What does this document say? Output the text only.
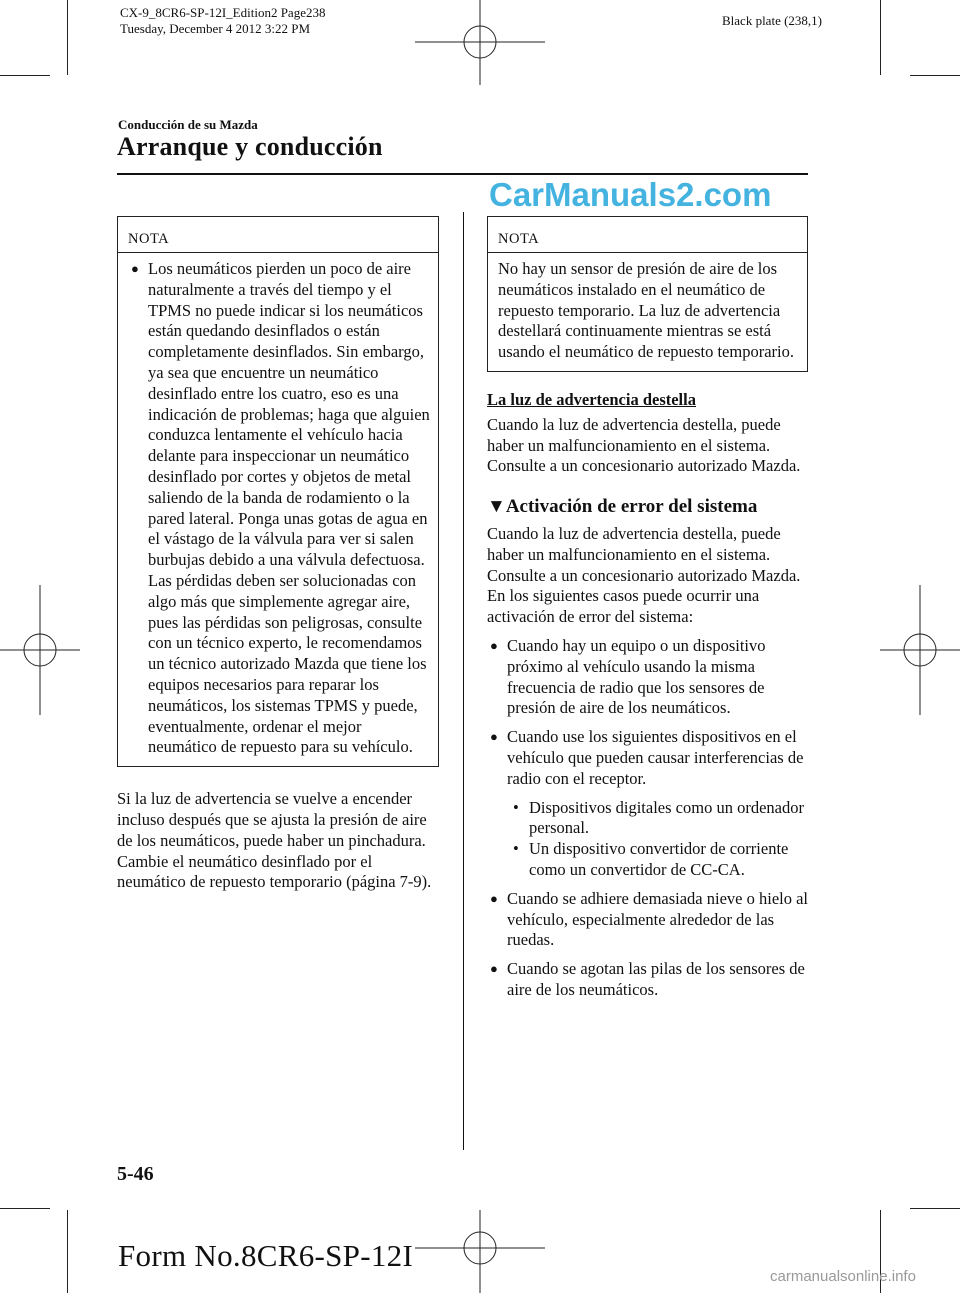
CX-9_8CR6-SP-12I_Edition2 Page238
Tuesday, December 4 2012 3:22 PM
Black plate (238,1)
Conducción de su Mazda
Arranque y conducción
CarManuals2.com
NOTA
● Los neumáticos pierden un poco de aire naturalmente a través del tiempo y el TPMS no puede indicar si los neumáticos están quedando desinflados o están completamente desinflados. Sin embargo, ya sea que encuentre un neumático desinflado entre los cuatro, eso es una indicación de problemas; haga que alguien conduzca lentamente el vehículo hacia delante para inspeccionar un neumático desinflado por cortes y objetos de metal saliendo de la banda de rodamiento o la pared lateral. Ponga unas gotas de agua en el vástago de la válvula para ver si salen burbujas debido a una válvula defectuosa. Las pérdidas deben ser solucionadas con algo más que simplemente agregar aire, pues las pérdidas son peligrosas, consulte con un técnico experto, le recomendamos un técnico autorizado Mazda que tiene los equipos necesarios para reparar los neumáticos, los sistemas TPMS y puede, eventualmente, ordenar el mejor neumático de repuesto para su vehículo.

Si la luz de advertencia se vuelve a encender incluso después que se ajusta la presión de aire de los neumáticos, puede haber un pinchadura. Cambie el neumático desinflado por el neumático de repuesto temporario (página 7-9).

NOTA

No hay un sensor de presión de aire de los neumáticos instalado en el neumático de repuesto temporario. La luz de advertencia destellará continuamente mientras se está usando el neumático de repuesto temporario.

La luz de advertencia destella

Cuando la luz de advertencia destella, puede haber un malfuncionamiento en el sistema. Consulte a un concesionario autorizado Mazda.

▼Activación de error del sistema

Cuando la luz de advertencia destella, puede haber un malfuncionamiento en el sistema. Consulte a un concesionario autorizado Mazda.

En los siguientes casos puede ocurrir una activación de error del sistema:

● Cuando hay un equipo o un dispositivo próximo al vehículo usando la misma frecuencia de radio que los sensores de presión de aire de los neumáticos.

● Cuando use los siguientes dispositivos en el vehículo que pueden causar interferencias de radio con el receptor.

• Dispositivos digitales como un ordenador personal.

• Un dispositivo convertidor de corriente como un convertidor de CC-CA.

● Cuando se adhiere demasiada nieve o hielo al vehículo, especialmente alrededor de las ruedas.

● Cuando se agotan las pilas de los sensores de aire de los neumáticos.

5-46
Form No.8CR6-SP-12I
carmanualsonline.info
